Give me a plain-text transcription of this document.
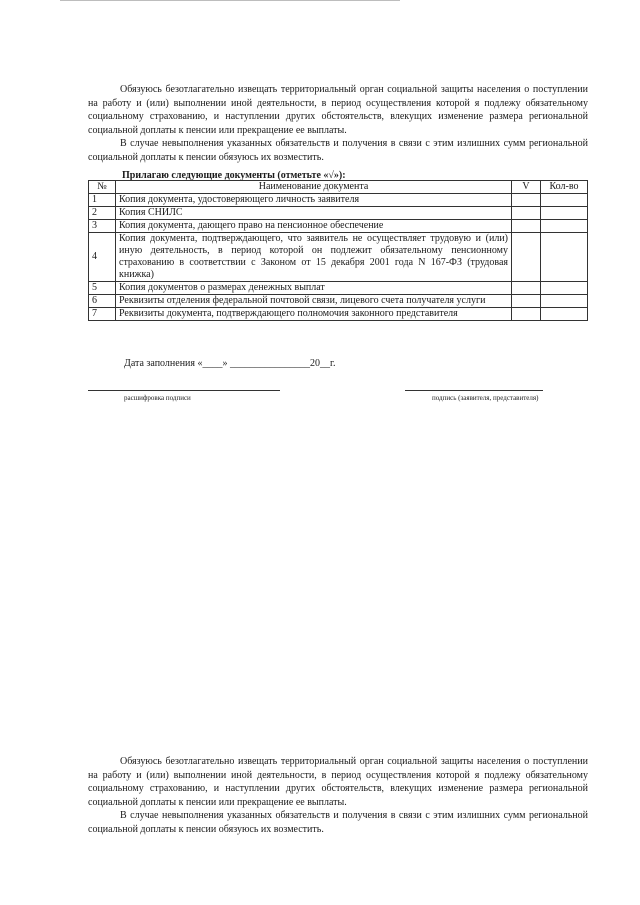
Обязуюсь безотлагательно извещать территориальный орган социальной защиты населения о поступлении на работу и (или) выполнении иной деятельности, в период осуществления которой я подлежу обязательному социальному страхованию, и наступлении других обстоятельств, влекущих изменение размера региональной социальной доплаты к пенсии или прекращение ее выплаты.

В случае невыполнения указанных обязательств и получения в связи с этим излишних сумм региональной социальной доплаты к пенсии обязуюсь их возместить.

Прилагаю следующие документы (отметьте «√»):
№	Наименование документа	V	Кол-во
1	Копия документа, удостоверяющего личность заявителя		
2	Копия СНИЛС		
3	Копия документа, дающего право на пенсионное обеспечение		
4	Копия документа, подтверждающего, что заявитель не осуществляет трудовую и (или) иную деятельность, в период которой он подлежит обязательному пенсионному страхованию в соответствии с Законом от 15 декабря 2001 года N 167-ФЗ (трудовая книжка)		
5	Копия документов о размерах денежных выплат		
6	Реквизиты отделения федеральной почтовой связи, лицевого счета получателя услуги		
7	Реквизиты документа, подтверждающего полномочия законного представителя		
Дата заполнения «____» ________________20__г.
расшифровка подписи	подпись (заявителя, представителя)

Обязуюсь безотлагательно извещать территориальный орган социальной защиты населения о поступлении на работу и (или) выполнении иной деятельности, в период осуществления которой я подлежу обязательному социальному страхованию, и наступлении других обстоятельств, влекущих изменение размера региональной социальной доплаты к пенсии или прекращение ее выплаты.

В случае невыполнения указанных обязательств и получения в связи с этим излишних сумм региональной социальной доплаты к пенсии обязуюсь их возместить.
